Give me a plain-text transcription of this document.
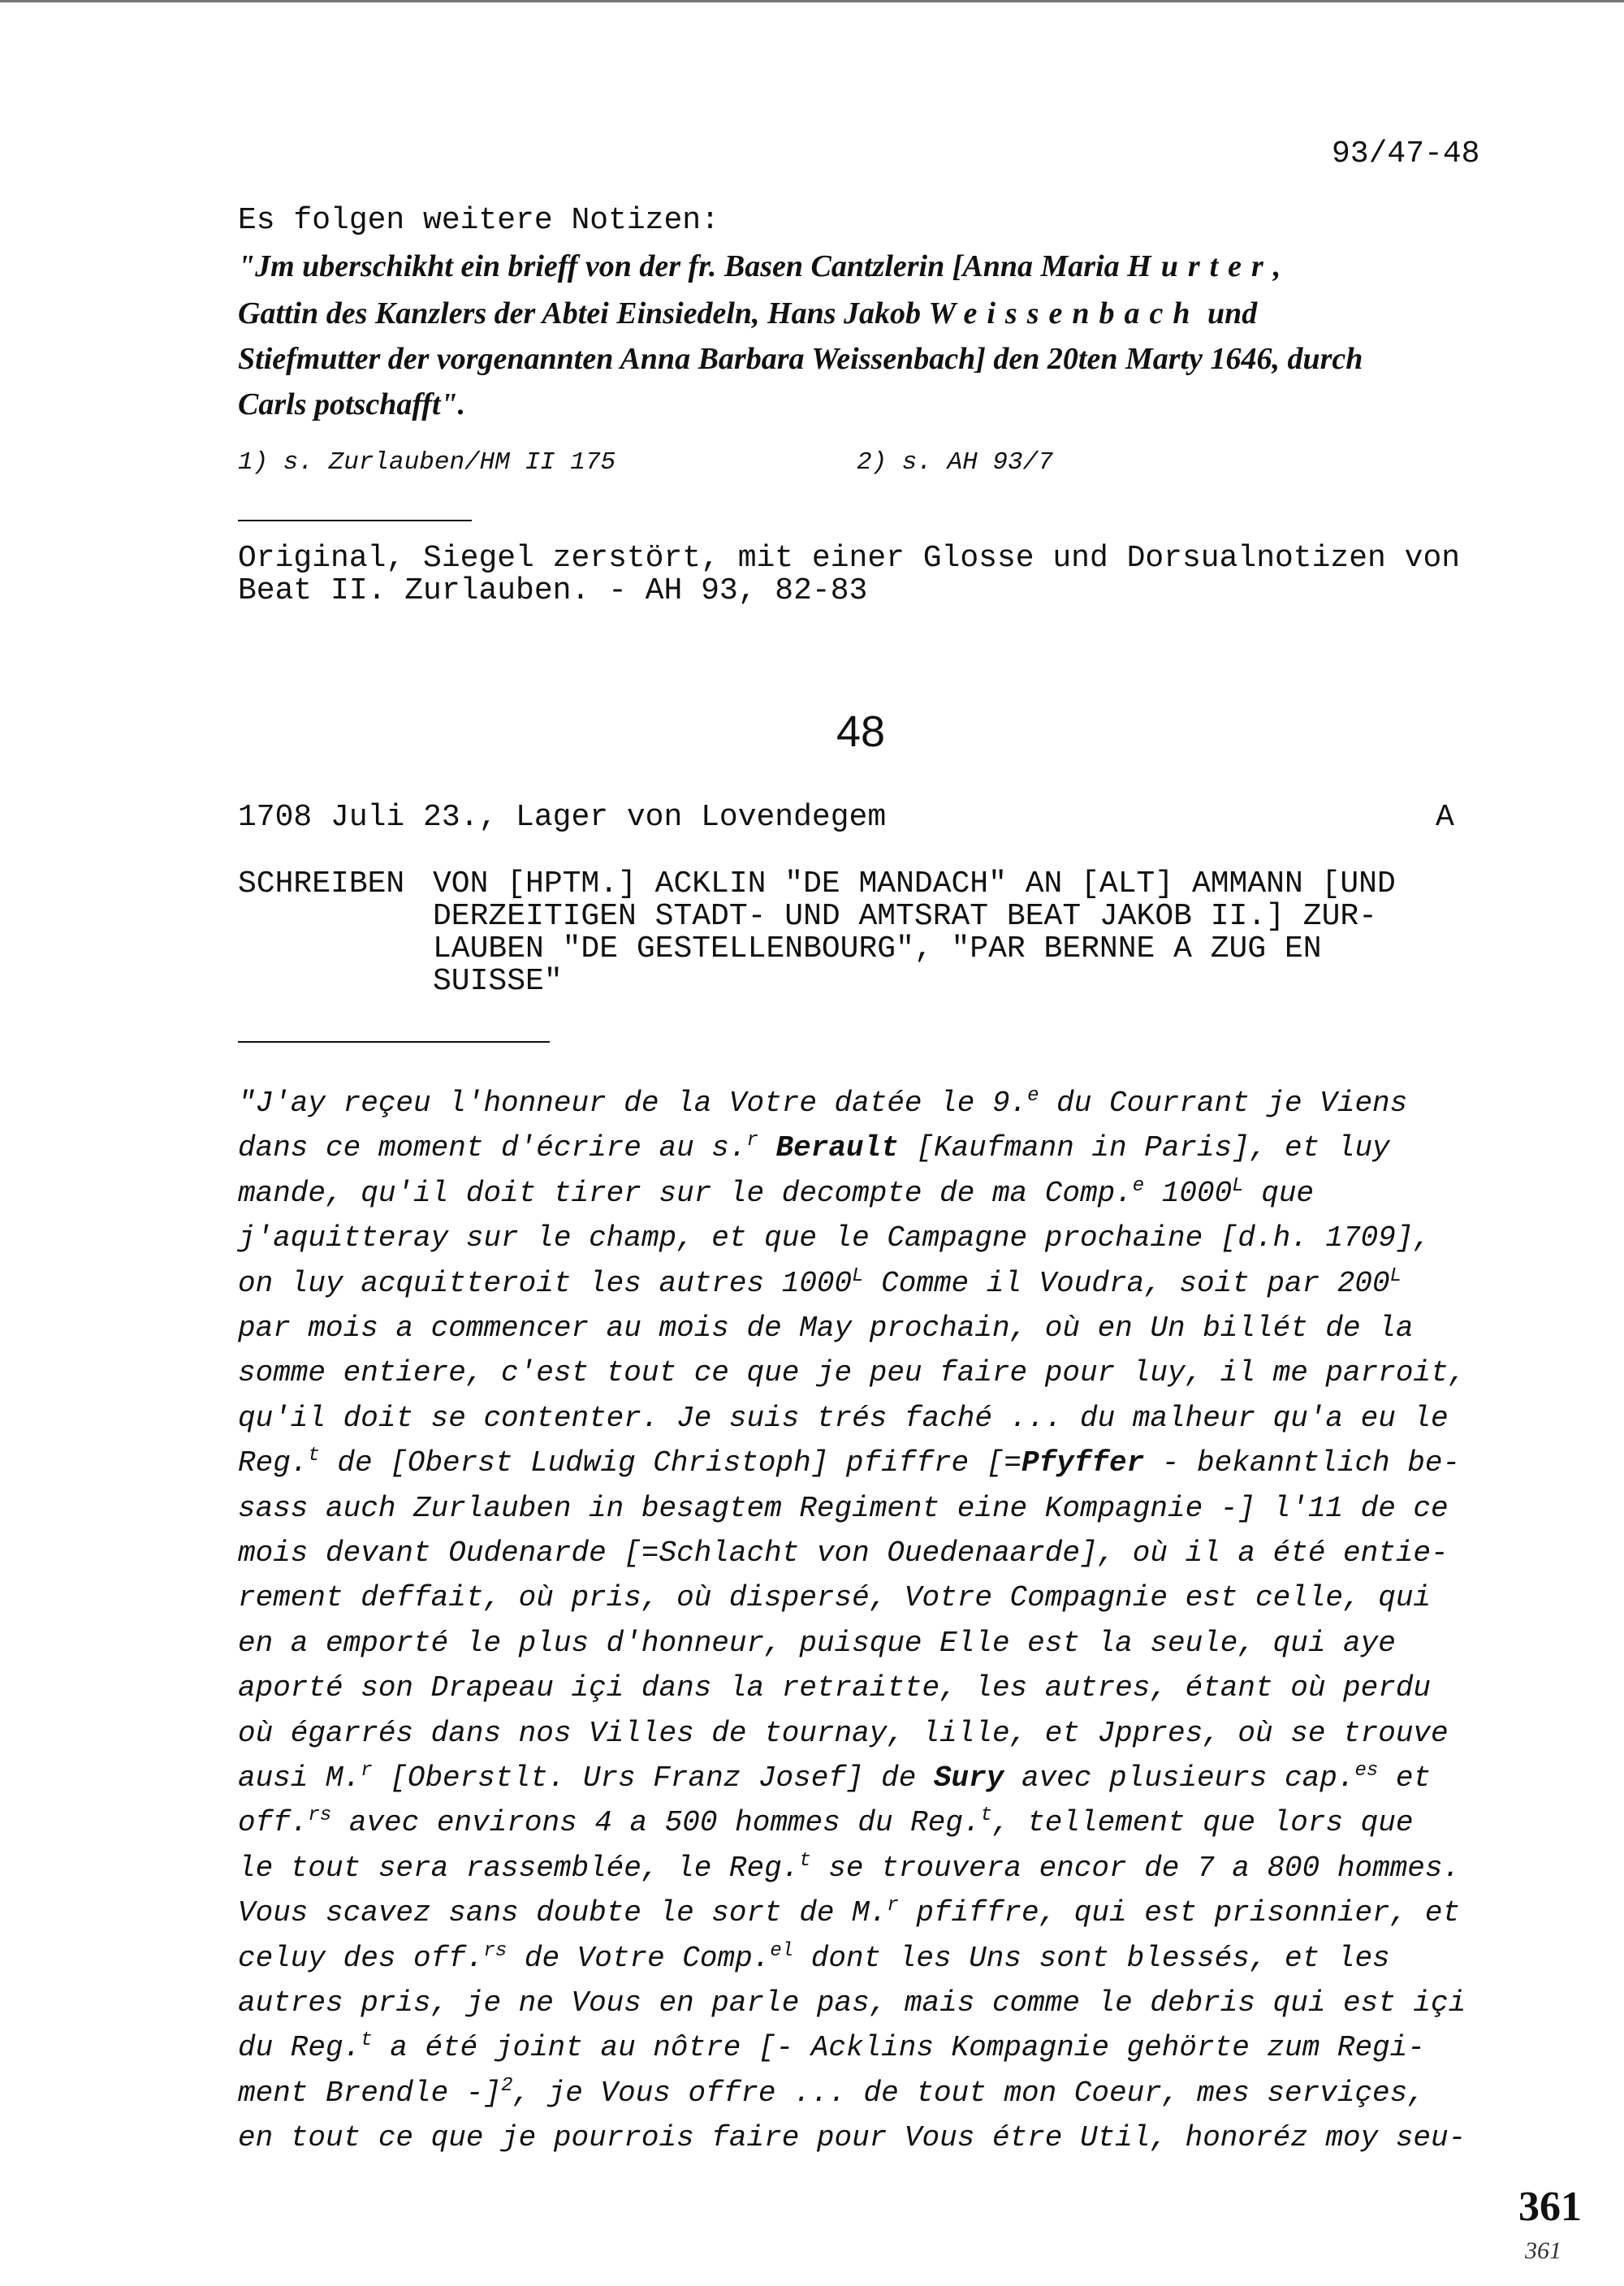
93/47-48
Es folgen weitere Notizen:
"Jm uberschikht ein brieff von der fr. Basen Cantzlerin [Anna Maria Hurter,
Gattin des Kanzlers der Abtei Einsiedeln, Hans Jakob Weissenbach und
Stiefmutter der vorgenannten Anna Barbara Weissenbach] den 20ten Marty 1646, durch
Carls potschafft".
1) s. Zurlauben/HM II 175	2) s. AH 93/7
Original, Siegel zerstört, mit einer Glosse und Dorsualnotizen von
Beat II. Zurlauben. - AH 93, 82-83
48
1708 Juli 23., Lager von Lovendegem	A
SCHREIBEN VON [HPTM.] ACKLIN "DE MANDACH" AN [ALT] AMMANN [UND
DERZEITIGEN STADT- UND AMTSRAT BEAT JAKOB II.] ZUR-
LAUBEN "DE GESTELLENBOURG", "PAR BERNNE A ZUG EN
SUISSE"
"J'ay reçeu l'honneur de la Votre datée le 9.$^e$ du Courrant je Viens
dans ce moment d'écrire au s.$^r$ Berault [Kaufmann in Paris], et luy
mande, qu'il doit tirer sur le decompte de ma Comp.$^e$ $1000^L$ que
j'aquitteray sur le champ, et que le Campagne prochaine [d.h. 1709],
on luy acquitteroit les autres $1000^L$ Comme il Voudra, soit par $200^L$
par mois a commencer au mois de May prochain, où en Un billét de la
somme entiere, c'est tout ce que je peu faire pour luy, il me parroit,
qu'il doit se contenter. Je suis trés faché ... du malheur qu'a eu le
Reg.$^t$ de [Oberst Ludwig Christoph] pfiffre [=Pfyffer - bekanntlich be-
sass auch Zurlauben in besagtem Regiment eine Kompagnie -] l'11 de ce
mois devant Oudenarde [=Schlacht von Ouedenaarde], où il a été entie-
rement deffait, où pris, où dispersé, Votre Compagnie est celle, qui
en a emporté le plus d'honneur, puisque Elle est la seule, qui aye
aporté son Drapeau içi dans la retraitte, les autres, étant où perdu
où égarrés dans nos Villes de tournay, lille, et Jppres, où se trouve
ausi M.$^r$ [Oberstlt. Urs Franz Josef] de Sury avec plusieurs cap.$^{es}$ et
off.$^{rs}$ avec environs 4 a 500 hommes du Reg.$^t$, tellement que lors que
le tout sera rassemblée, le Reg.$^t$ se trouvera encor de 7 a 800 hommes.
Vous scavez sans doubte le sort de M.$^r$ pfiffre, qui est prisonnier, et
celuy des off.$^{rs}$ de Votre Comp.$^{el}$ dont les Uns sont blessés, et les
autres pris, je ne Vous en parle pas, mais comme le debris qui est içi
du Reg.$^t$ a été joint au nôtre [- Acklins Kompagnie gehörte zum Regi-
ment Brendle -]$^2$, je Vous offre ... de tout mon Coeur, mes serviçes,
en tout ce que je pourrois faire pour Vous étre Util, honoréz moy seu-
361
361
